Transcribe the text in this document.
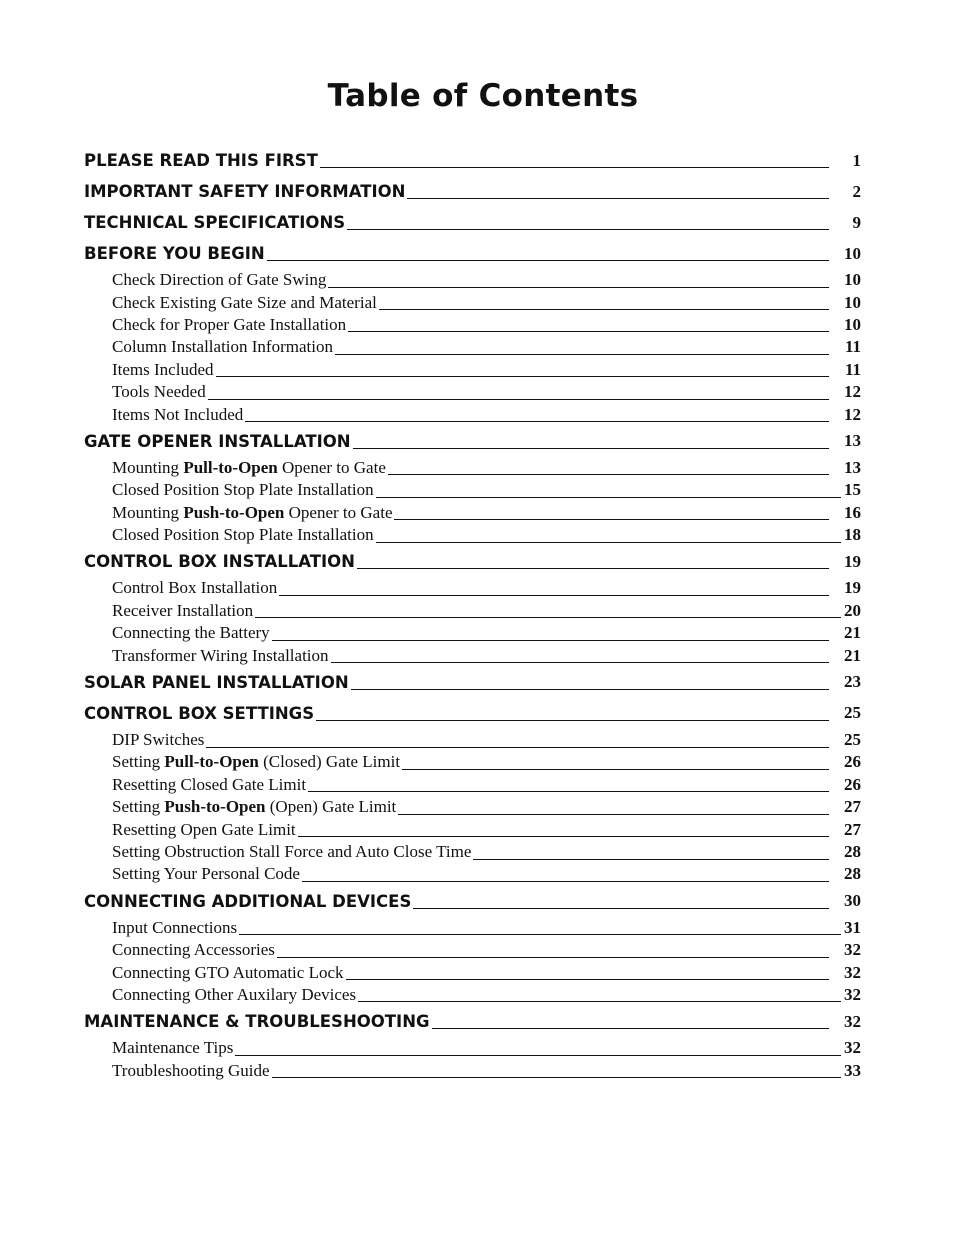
Table of Contents
PLEASE READ THIS FIRST	1
IMPORTANT SAFETY INFORMATION	2
TECHNICAL SPECIFICATIONS	9
BEFORE YOU BEGIN	10
Check Direction of Gate Swing	10
Check Existing Gate Size and Material	10
Check for Proper Gate Installation	10
Column Installation Information	11
Items Included	11
Tools Needed	12
Items Not Included	12
GATE OPENER INSTALLATION	13
Mounting Pull-to-Open Opener to Gate	13
Closed Position Stop Plate Installation	15
Mounting Push-to-Open Opener to Gate	16
Closed Position Stop Plate Installation	18
CONTROL BOX INSTALLATION	19
Control Box Installation	19
Receiver Installation	20
Connecting the Battery	21
Transformer Wiring Installation	21
SOLAR PANEL INSTALLATION	23
CONTROL BOX SETTINGS	25
DIP Switches	25
Setting Pull-to-Open (Closed) Gate Limit	26
Resetting Closed Gate Limit	26
Setting Push-to-Open (Open) Gate Limit	27
Resetting Open Gate Limit	27
Setting Obstruction Stall Force and Auto Close Time	28
Setting Your Personal Code	28
CONNECTING ADDITIONAL DEVICES	30
Input Connections	31
Connecting Accessories	32
Connecting GTO Automatic Lock	32
Connecting Other Auxilary Devices	32
MAINTENANCE & TROUBLESHOOTING	32
Maintenance Tips	32
Troubleshooting Guide	33
